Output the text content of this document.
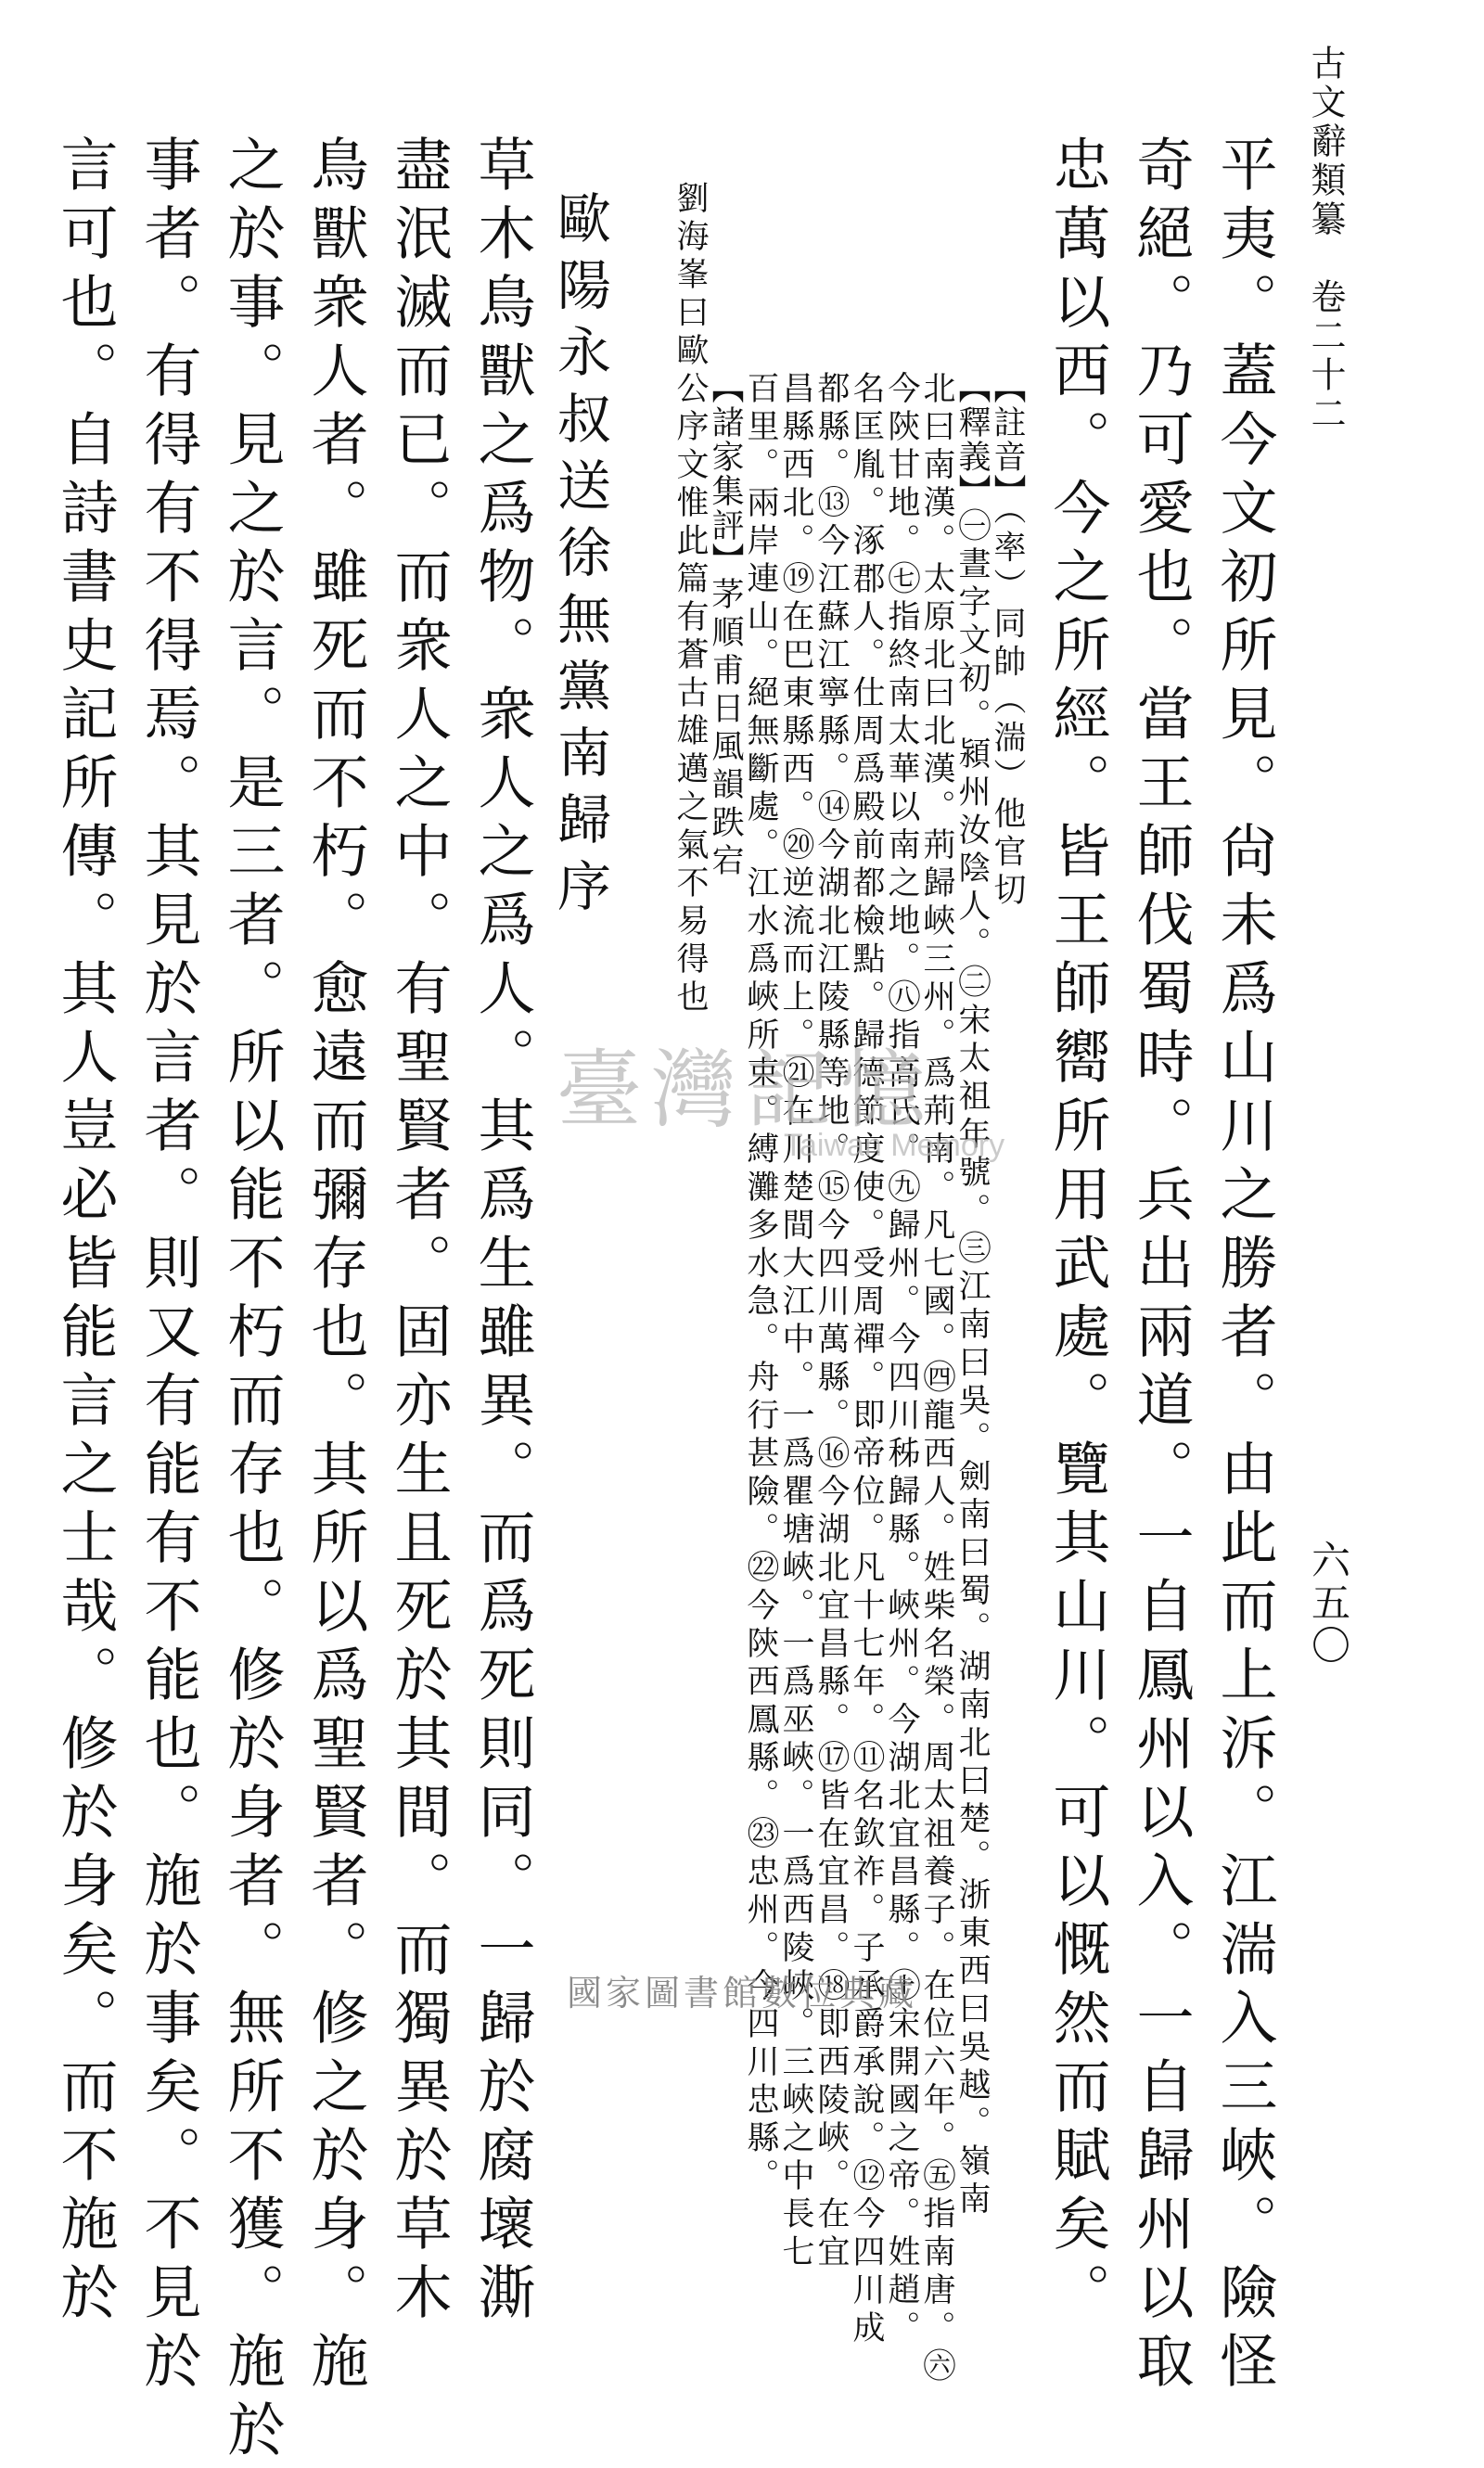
古文辭類纂　卷二十二
六五〇
平夷。蓋今文初所見。尙未爲山川之勝者。由此而上泝。江湍入三峽。險怪
奇絕。乃可愛也。當王師伐蜀時。兵出兩道。一自鳳州以入。一自歸州以取
忠萬以西。今之所經。皆王師嚮所用武處。覽其山川。可以慨然而賦矣。
【註音】（率）同帥（湍）他官切
【釋義】㊀晝字文初。潁州汝陰人。㊁宋太祖年號。㊂江南曰吳。劍南曰蜀。湖南北曰楚。浙東西曰吳越。嶺南
北曰南漢。太原北曰北漢。荊歸峽三州。爲荊南。凡七國。㊃龍西人。姓柴名榮。周太祖養子。在位六年。㊄指南唐。㊅
今陝甘地。㊆指終南太華以南之地。㊇指高氏。㊈歸州。今四川秭歸縣。峽州。今湖北宜昌縣。㊉宋開國之帝。姓趙。
名匡胤。涿郡人。仕周爲殿前都檢點。歸德節度使。受周禪。即帝位。凡十七年。⑪名欽祚。子承爵承說。⑫今四川成
都縣。⑬今江蘇江寧縣。⑭今湖北江陵縣等地。⑮今四川萬縣。⑯今湖北宜昌縣。⑰皆在宜昌。⑱即西陵峽。在宜
昌縣西北。⑲在巴東縣西。⑳逆流而上。㉑在川楚間大江中。一爲瞿塘峽。一爲巫峽。一爲西陵峽。三峽之中長七
百里。兩岸連山。絕無斷處。江水爲峽所束。縛灘多水急。舟行甚險。㉒今陝西鳳縣。㉓忠州。今四川忠縣。
【諸家集評】茅順甫日風韻跌宕
劉海峯曰歐公序文惟此篇有蒼古雄邁之氣不易得也
歐陽永叔送徐無黨南歸序
草木鳥獸之爲物。衆人之爲人。其爲生雖異。而爲死則同。一歸於腐壞澌
盡泯滅而已。而衆人之中。有聖賢者。固亦生且死於其間。而獨異於草木
鳥獸衆人者。雖死而不朽。愈遠而彌存也。其所以爲聖賢者。修之於身。施
之於事。見之於言。是三者。所以能不朽而存也。修於身者。無所不獲。施於
事者。有得有不得焉。其見於言者。則又有能有不能也。施於事矣。不見於
言可也。自詩書史記所傳。其人豈必皆能言之士哉。修於身矣。而不施於	臺灣記憶
Taiwan Memory
國家圖書館數位典藏
